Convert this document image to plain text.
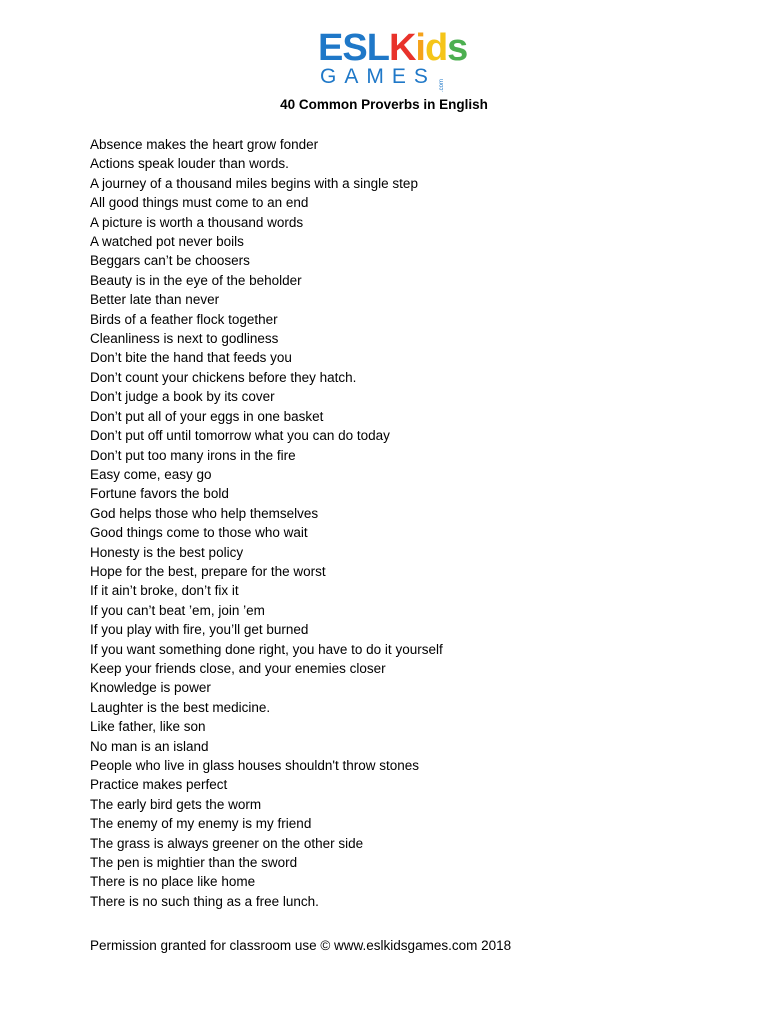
ESLKids
GAMES .com
40 Common Proverbs in English
Absence makes the heart grow fonder
Actions speak louder than words.
A journey of a thousand miles begins with a single step
All good things must come to an end
A picture is worth a thousand words
A watched pot never boils
Beggars can’t be choosers
Beauty is in the eye of the beholder
Better late than never
Birds of a feather flock together
Cleanliness is next to godliness
Don’t bite the hand that feeds you
Don’t count your chickens before they hatch.
Don’t judge a book by its cover
Don’t put all of your eggs in one basket
Don’t put off until tomorrow what you can do today
Don’t put too many irons in the fire
Easy come, easy go
Fortune favors the bold
God helps those who help themselves
Good things come to those who wait
Honesty is the best policy
Hope for the best, prepare for the worst
If it ain’t broke, don’t fix it
If you can’t beat ’em, join ’em
If you play with fire, you’ll get burned
If you want something done right, you have to do it yourself
Keep your friends close, and your enemies closer
Knowledge is power
Laughter is the best medicine.
Like father, like son
No man is an island
People who live in glass houses shouldn't throw stones
Practice makes perfect
The early bird gets the worm
The enemy of my enemy is my friend
The grass is always greener on the other side
The pen is mightier than the sword
There is no place like home
There is no such thing as a free lunch.
Permission granted for classroom use © www.eslkidsgames.com 2018
